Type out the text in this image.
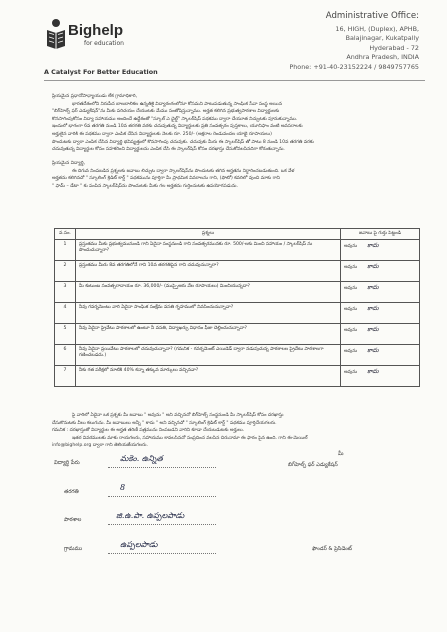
Bighelp
for education
A Catalyst For Better Education
Administrative Office:
16, HIGH, (Duplex), APHB,
Balajinagar, Kukatpally
Hyderabad - 72
Andhra Pradesh, INDIA
Phone: +91-40-23152224 / 9849757765
ప్రియమైన ప్రధానోపాధ్యాయుడు లేక గ్రామాధికారి,
భారతదేశంలోని నిరుపేద బాలబాలికల ఉన్నతికై విద్యారంగంలోనూ కోసమని పాటుపడుతున్న సాంఘిక సేవా సంస్థ అయిన
"బిగ్‌హెల్ప్ ఫర్ ఎడ్యుకేషన్"ను మీకు పరిచయం చేయుటకు మేము సంతోషిస్తున్నాము. అర్హత కలిగిన ప్రభుత్వపాఠశాల విద్యార్థులకు
కొనసాగింపుకోసం విద్యా సహాయము అందించే ఉద్దేశంతో "స్కూల్ ఎ ఛైల్డ్" స్కాలర్‌షిప్ పథకము ద్వారా చేయూత నిచ్చుటకు పూనుకున్నాము.
ఇందులో భాగంగా 6వ తరగతి నుండి 10వ తరగతి వరకు చదువుతున్న విద్యార్థులకు ప్రతి సంవత్సరం పుస్తకాలు, యూనిఫాం వంటి అవసరాలకు
అర్హులైన వారికి ఈ పథకము ద్వారా ఎంపిక చేసిన విద్యార్థులకు నెలకు రూ. 250/- (అక్షరాల రెండువందల యాభై రూపాయలు)
పొందుటకు ద్వారా ఎంపిక చేసిన విద్యార్థి భవిష్యత్తులో కొనసాగింపు చదువుకు. చదువుకు మీరు ఈ స్కాలర్‌షిప్ తో పాటు 8 నుండి 10వ తరగతి వరకు
చదువుతున్న విద్యార్థుల కోసం సహకరించి విద్యార్థులను ఎంపిక చేసి ఈ స్కాలర్‌షిప్ కోసం దరఖాస్తు చేసుకోవలసినదిగా కోరుతున్నాను.
ప్రియమైన విద్యార్థి,
ఈ దిగువ నింపబడిన ప్రశ్నలకు జవాబు లిచ్చుట ద్వారా స్కాలర్‌షిప్‌ను పొందుటకు తగిన అర్హతను నిర్ధారించబడుతుంది. ఒక వేళ
అర్హతను కలిగినచో " స్కూలింగ్ క్రెడిట్ కార్డ్ " పథకమును పూర్తిగా మీ ప్రాథమిక వివరాలను గాని, (ఫొటో) కవరిలో వుంచి మాకు గాని
" ఫామ్ – డేటా " కు పంపిన స్కాలర్‌షిప్‌ను పొందుటకు మీకు గల అర్హతను గుర్తించుటకు ఉపయోగపడును.
వ.సం.	ప్రశ్నలు	జవాబు పై గుర్తు పెట్టండి
1	ప్రస్తుతము మీకు ప్రభుత్వమునుండి గాని ఏదైనా సంస్థనుండి గాని సంవత్సరమునకు రూ. 500/-లకు మించి సహాయం / స్కాలర్‌షిప్ ను పొందుచున్నారా?	అవును కాదు
2	ప్రస్తుతము మీరు 8వ తరగతిలోనే గాని 10వ తరగతిపైన గాని చదువుచున్నారా?	అవును కాదు
3	మీ కుటుంబ సంవత్సరాదాయం రూ. 36,000/- (ముప్పైఆరు వేల రూపాయలు) మించియున్నదా?	అవును కాదు
4	నీవు గవర్నమెంటు వారి ఏదైనా సాంఘిక సంక్షేమ వసతి గృహములో నివసించుచున్నావా?	అవును కాదు
5	నీవు ఏదైనా ప్రైవేటు పాఠశాలలో ఉంటూ నీ వసతి, విద్యాఖర్చు విధానం ఫీజు చెల్లించుచున్నావా?	అవును కాదు
6	నీవు ఏదైనా ప్రయివేటు పాఠశాలలో చదువుచున్నావా? (గమనిక - గవర్నమెంట్ ఎయిడెడ్ ద్వారా నడుపుచున్న పాఠశాలల ప్రైవేటు పాఠశాలగా గణించబడదు.)	అవును కాదు
7	నీకు గత పరీక్షలో నూటికి 40% కన్నా తక్కువ మార్కులు వచ్చినవా?	అవును కాదు
పై వారిలో ఏదైనా ఒక ప్రశ్నకు మీ జవాబు " అవును " అని వచ్చినచో బిగ్‌హెల్ప్ సంస్థనుండి మీ స్కాలర్‌షిప్ కోసం దరఖాస్తు
చేసుకొనుటకు వీలు కలుగును. మీ జవాబులు అన్నీ " కాదు " అని వచ్చినచో " స్కూలింగ్ క్రెడిట్ కార్డ్ " పథకము పూర్తిచేయగలరు.
గమనిక : దరఖాస్తుతో విద్యార్థుల ఈ అర్హత తరిణీ పత్రమును నింపబడని వారిని కూడా చేయబడుటకు అర్హులు.
ఇతర వివరములకు మాకు రాయగలరు, సహాయము కావలసినచో సంప్రదించ వలసిన చిరునామా ఈ ఫారం పైన ఉంది. గాని ఈ-మెయిల్
info@bighelp.org ద్వారా గాని తెలియజేయగలరు.
విద్యార్థి పేరు	మకెం. ఉన్నిత
తరగతి	8
పాఠశాల	జి.ఉ.పా. ఉప్పలపాడు
గ్రామము	ఉప్పలపాడు
మీ
బిగ్‌హెల్ప్ ఫర్ ఎడ్యుకేషన్
ఫౌండర్ & ప్రెసిడెంట్
